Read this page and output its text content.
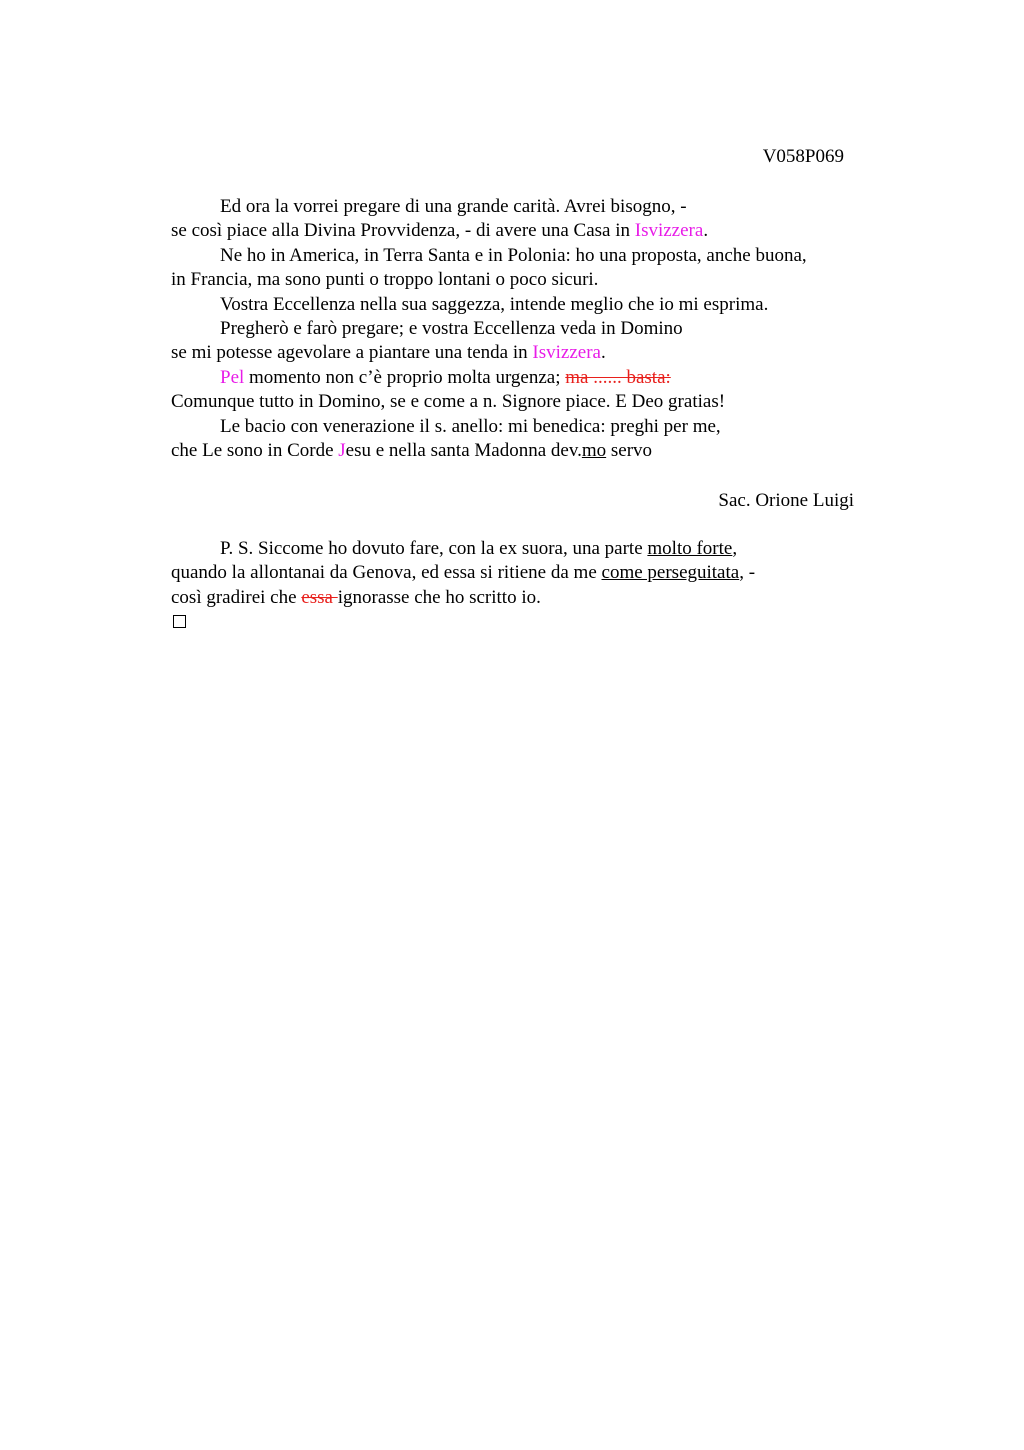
V058P069
Ed ora la vorrei pregare di una grande carità. Avrei bisogno, -
se così piace alla Divina Provvidenza, - di avere una Casa in Isvizzera.
Ne ho in America, in Terra Santa e in Polonia: ho una proposta, anche buona,
in Francia, ma sono punti o troppo lontani o poco sicuri.
Vostra Eccellenza nella sua saggezza, intende meglio che io mi esprima.
Pregherò e farò pregare; e vostra Eccellenza veda in Domino
se mi potesse agevolare a piantare una tenda in Isvizzera.
Pel momento non c’è proprio molta urgenza; ma ...... basta:
Comunque tutto in Domino, se e come a n. Signore piace. E Deo gratias!
Le bacio con venerazione il s. anello: mi benedica: preghi per me,
che Le sono in Corde Jesu e nella santa Madonna dev.mo servo
Sac. Orione Luigi
P. S. Siccome ho dovuto fare, con la ex suora, una parte molto forte,
quando la allontanai da Genova, ed essa si ritiene da me come perseguitata, -
così gradirei che essa ignorasse che ho scritto io.
